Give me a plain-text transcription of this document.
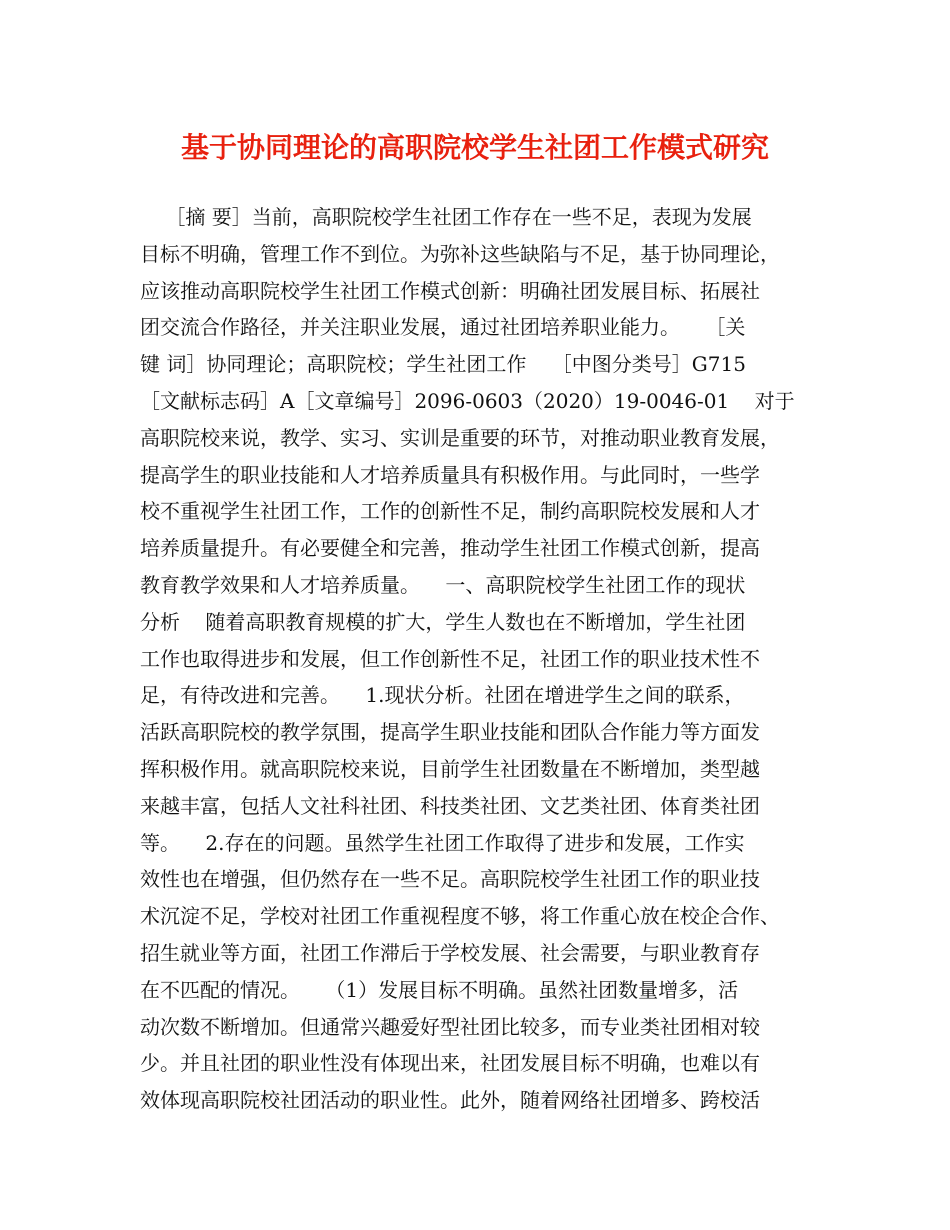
基于协同理论的高职院校学生社团工作模式研究
［摘 要］当前，高职院校学生社团工作存在一些不足，表现为发展
目标不明确，管理工作不到位。为弥补这些缺陷与不足，基于协同理论，
应该推动高职院校学生社团工作模式创新：明确社团发展目标、拓展社
团交流合作路径，并关注职业发展，通过社团培养职业能力。    ［关
键 词］协同理论；高职院校；学生社团工作    ［中图分类号］G715
［文献标志码］A［文章编号］2096-0603（2020）19-0046-01    对于
高职院校来说，教学、实习、实训是重要的环节，对推动职业教育发展，
提高学生的职业技能和人才培养质量具有积极作用。与此同时，一些学
校不重视学生社团工作，工作的创新性不足，制约高职院校发展和人才
培养质量提升。有必要健全和完善，推动学生社团工作模式创新，提高
教育教学效果和人才培养质量。    一、高职院校学生社团工作的现状
分析    随着高职教育规模的扩大，学生人数也在不断增加，学生社团
工作也取得进步和发展，但工作创新性不足，社团工作的职业技术性不
足，有待改进和完善。    1.现状分析。社团在增进学生之间的联系，
活跃高职院校的教学氛围，提高学生职业技能和团队合作能力等方面发
挥积极作用。就高职院校来说，目前学生社团数量在不断增加，类型越
来越丰富，包括人文社科社团、科技类社团、文艺类社团、体育类社团
等。    2.存在的问题。虽然学生社团工作取得了进步和发展，工作实
效性也在增强，但仍然存在一些不足。高职院校学生社团工作的职业技
术沉淀不足，学校对社团工作重视程度不够，将工作重心放在校企合作、
招生就业等方面，社团工作滞后于学校发展、社会需要，与职业教育存
在不匹配的情况。    （1）发展目标不明确。虽然社团数量增多，活
动次数不断增加。但通常兴趣爱好型社团比较多，而专业类社团相对较
少。并且社团的职业性没有体现出来，社团发展目标不明确，也难以有
效体现高职院校社团活动的职业性。此外，随着网络社团增多、跨校活
